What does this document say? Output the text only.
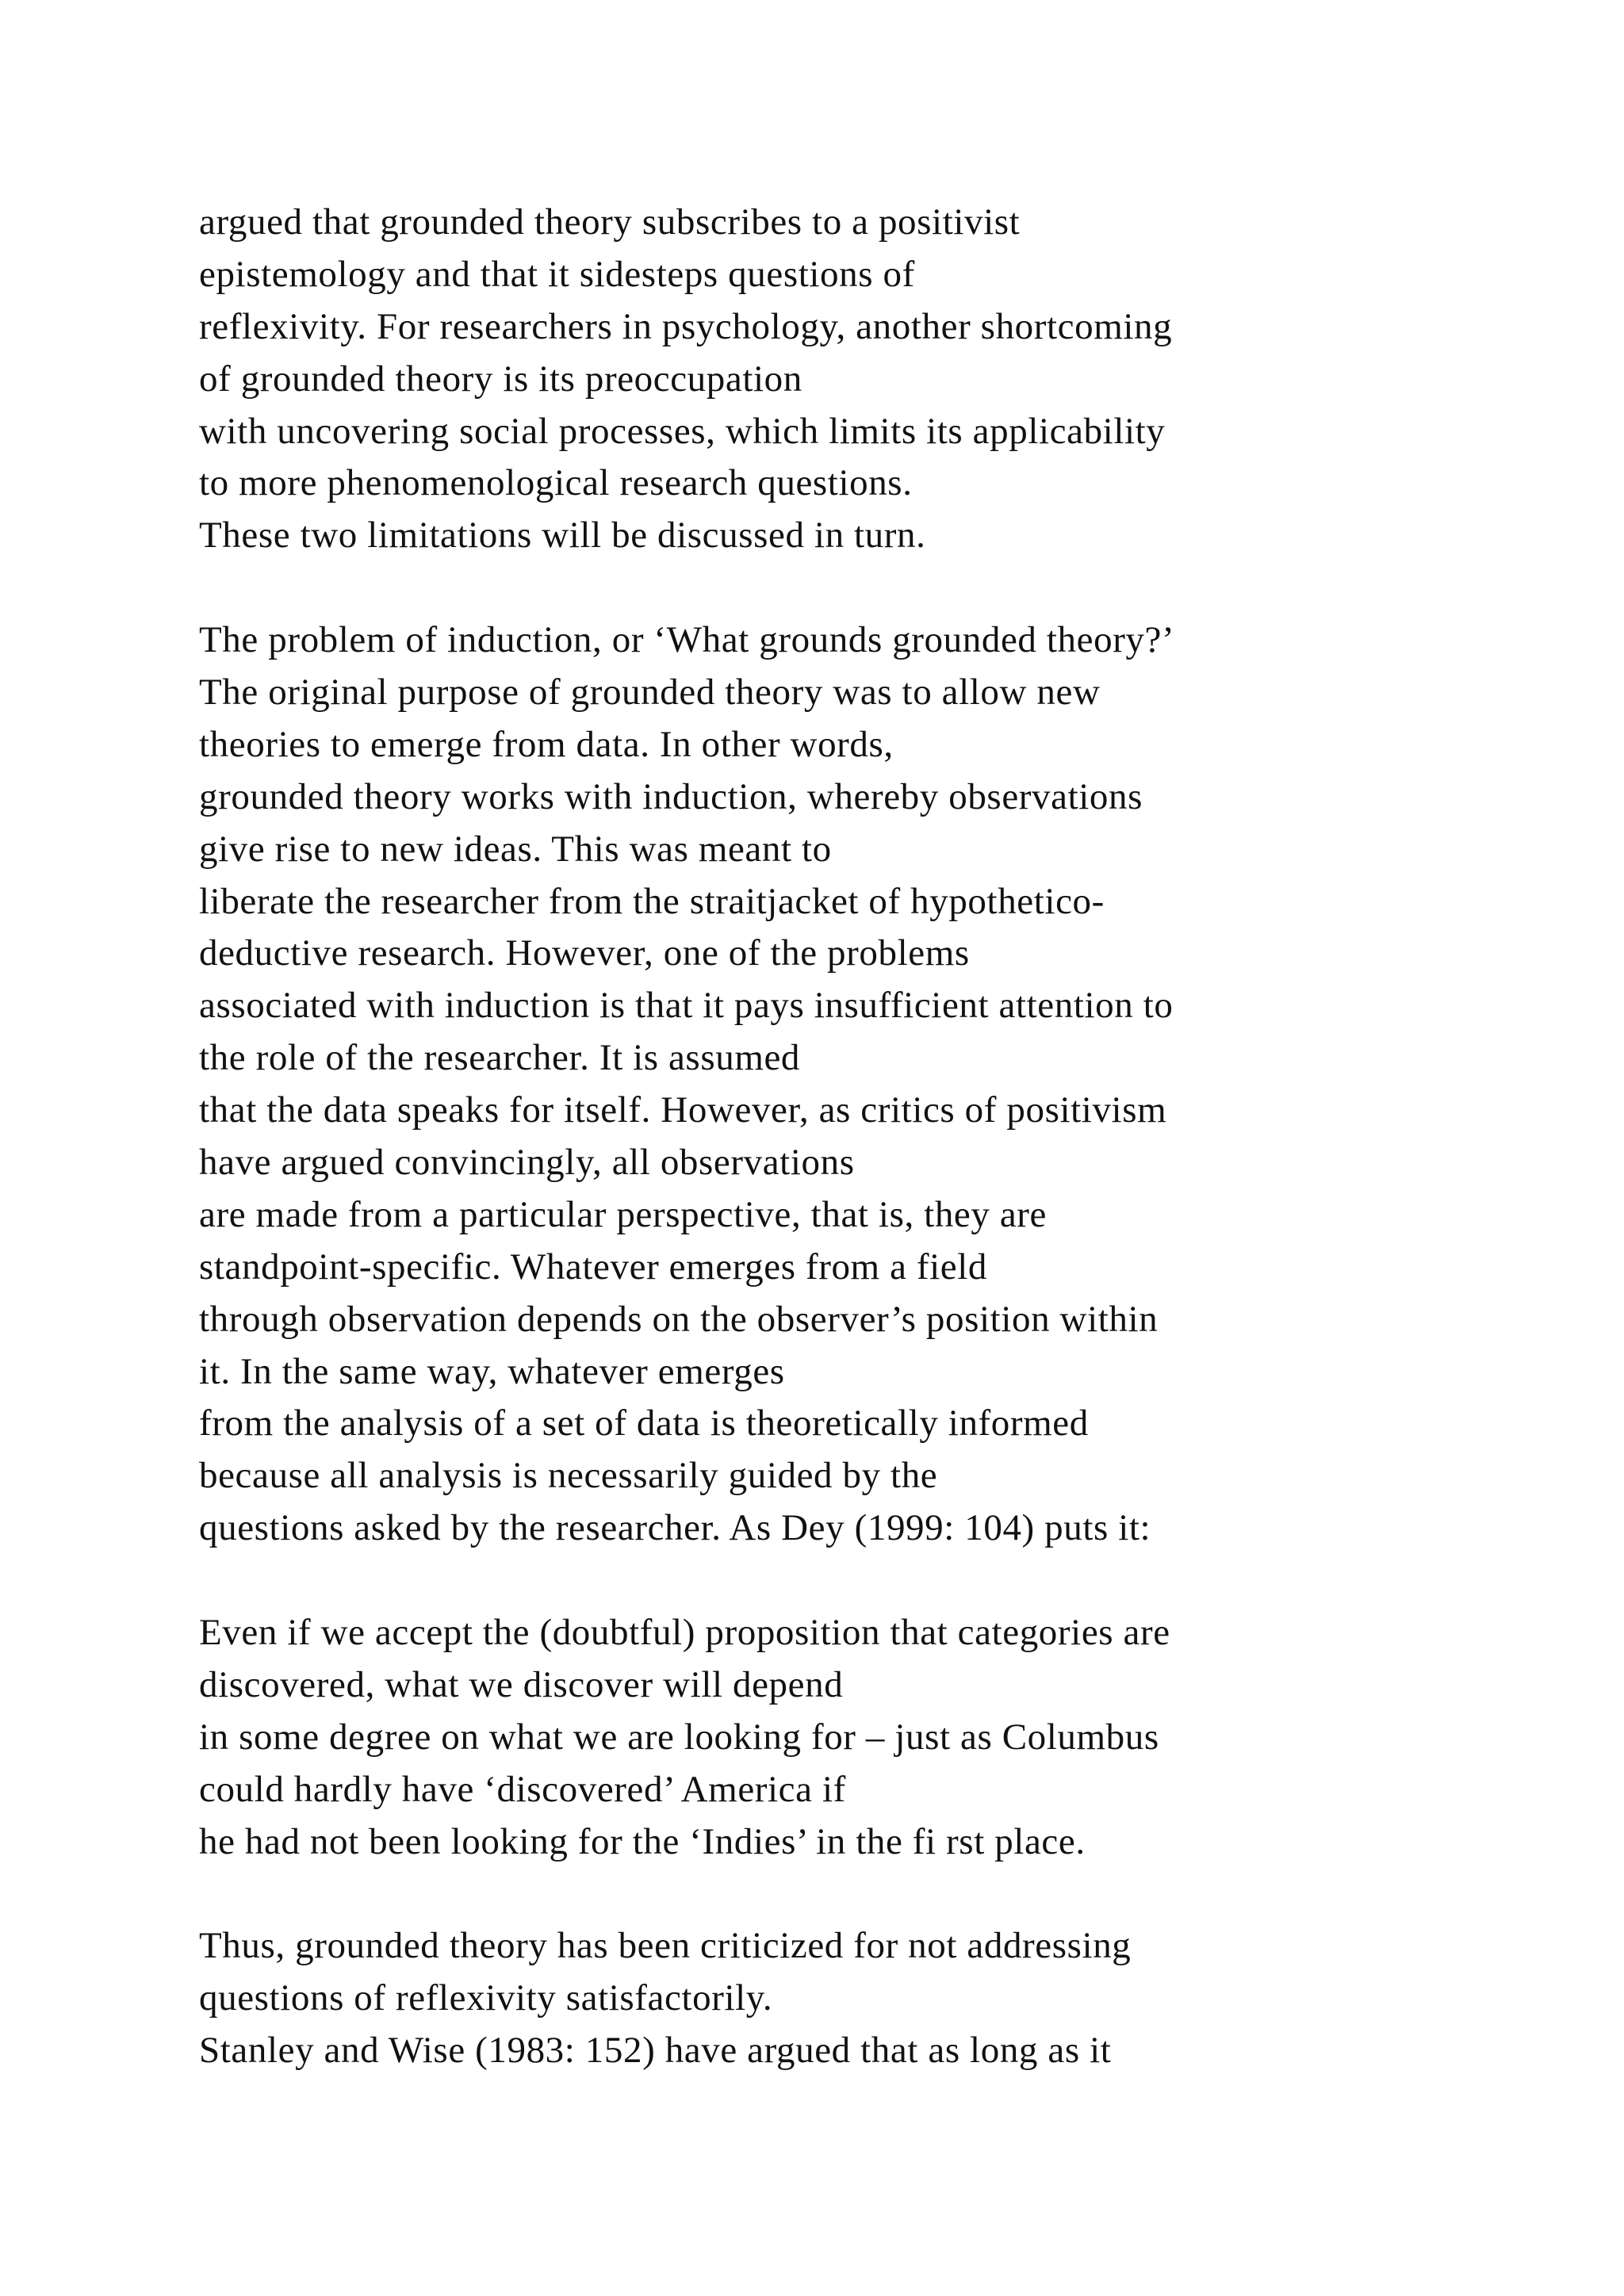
argued that grounded theory subscribes to a positivist
epistemology and that it sidesteps questions of
reflexivity. For researchers in psychology, another shortcoming
of grounded theory is its preoccupation
with uncovering social processes, which limits its applicability
to more phenomenological research questions.
These two limitations will be discussed in turn.
The problem of induction, or ‘What grounds grounded theory?’
The original purpose of grounded theory was to allow new
theories to emerge from data. In other words,
grounded theory works with induction, whereby observations
give rise to new ideas. This was meant to
liberate the researcher from the straitjacket of hypothetico-
deductive research. However, one of the problems
associated with induction is that it pays insufficient attention to
the role of the researcher. It is assumed
that the data speaks for itself. However, as critics of positivism
have argued convincingly, all observations
are made from a particular perspective, that is, they are
standpoint-specific. Whatever emerges from a field
through observation depends on the observer’s position within
it. In the same way, whatever emerges
from the analysis of a set of data is theoretically informed
because all analysis is necessarily guided by the
questions asked by the researcher. As Dey (1999: 104) puts it:
Even if we accept the (doubtful) proposition that categories are
discovered, what we discover will depend
in some degree on what we are looking for – just as Columbus
could hardly have ‘discovered’ America if
he had not been looking for the ‘Indies’ in the fi rst place.
Thus, grounded theory has been criticized for not addressing
questions of reflexivity satisfactorily.
Stanley and Wise (1983: 152) have argued that as long as it
